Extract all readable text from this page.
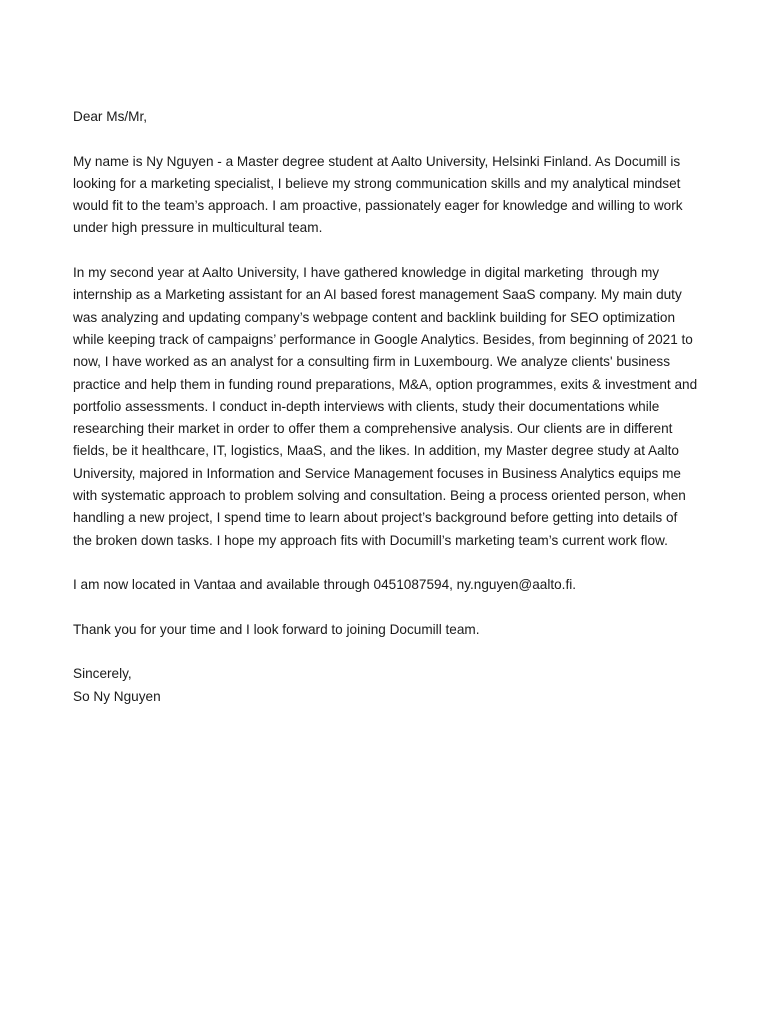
Dear Ms/Mr,

My name is Ny Nguyen - a Master degree student at Aalto University, Helsinki Finland. As Documill is looking for a marketing specialist, I believe my strong communication skills and my analytical mindset would fit to the team’s approach. I am proactive, passionately eager for knowledge and willing to work under high pressure in multicultural team.

In my second year at Aalto University, I have gathered knowledge in digital marketing  through my internship as a Marketing assistant for an AI based forest management SaaS company. My main duty was analyzing and updating company’s webpage content and backlink building for SEO optimization while keeping track of campaigns’ performance in Google Analytics. Besides, from beginning of 2021 to now, I have worked as an analyst for a consulting firm in Luxembourg. We analyze clients' business practice and help them in funding round preparations, M&A, option programmes, exits & investment and portfolio assessments. I conduct in-depth interviews with clients, study their documentations while researching their market in order to offer them a comprehensive analysis. Our clients are in different fields, be it healthcare, IT, logistics, MaaS, and the likes. In addition, my Master degree study at Aalto University, majored in Information and Service Management focuses in Business Analytics equips me with systematic approach to problem solving and consultation. Being a process oriented person, when handling a new project, I spend time to learn about project’s background before getting into details of the broken down tasks. I hope my approach fits with Documill’s marketing team’s current work flow.

I am now located in Vantaa and available through 0451087594, ny.nguyen@aalto.fi.

Thank you for your time and I look forward to joining Documill team.

Sincerely,

So Ny Nguyen
